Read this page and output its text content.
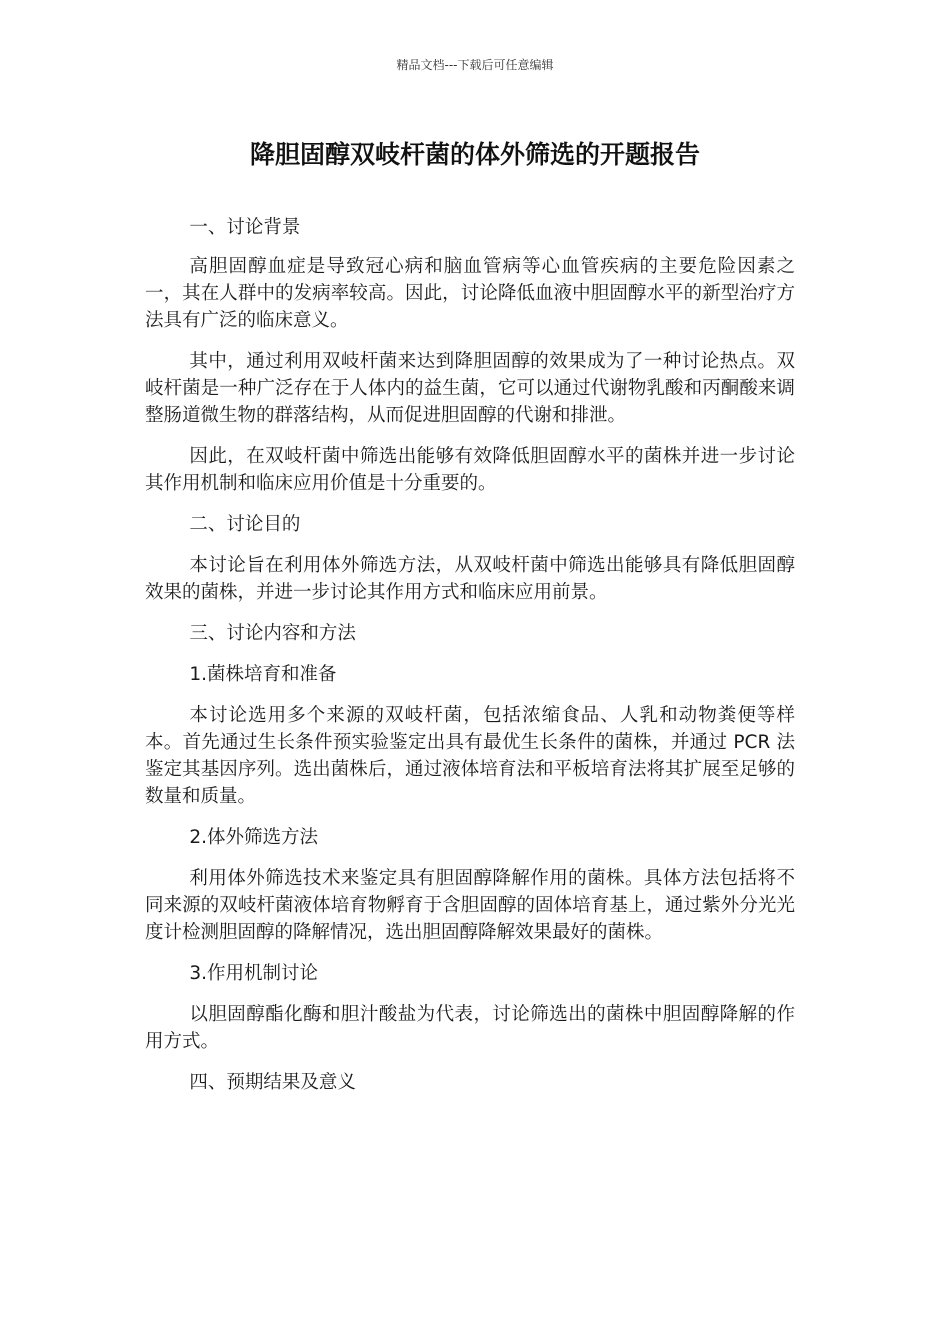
精品文档---下载后可任意编辑
降胆固醇双岐杆菌的体外筛选的开题报告

一、讨论背景

高胆固醇血症是导致冠心病和脑血管病等心血管疾病的主要危险因素之一，其在人群中的发病率较高。因此，讨论降低血液中胆固醇水平的新型治疗方法具有广泛的临床意义。

其中，通过利用双岐杆菌来达到降胆固醇的效果成为了一种讨论热点。双岐杆菌是一种广泛存在于人体内的益生菌，它可以通过代谢物乳酸和丙酮酸来调整肠道微生物的群落结构，从而促进胆固醇的代谢和排泄。

因此，在双岐杆菌中筛选出能够有效降低胆固醇水平的菌株并进一步讨论其作用机制和临床应用价值是十分重要的。

二、讨论目的

本讨论旨在利用体外筛选方法，从双岐杆菌中筛选出能够具有降低胆固醇效果的菌株，并进一步讨论其作用方式和临床应用前景。

三、讨论内容和方法

1.菌株培育和准备

本讨论选用多个来源的双岐杆菌，包括浓缩食品、人乳和动物粪便等样本。首先通过生长条件预实验鉴定出具有最优生长条件的菌株，并通过 PCR 法鉴定其基因序列。选出菌株后，通过液体培育法和平板培育法将其扩展至足够的数量和质量。

2.体外筛选方法

利用体外筛选技术来鉴定具有胆固醇降解作用的菌株。具体方法包括将不同来源的双岐杆菌液体培育物孵育于含胆固醇的固体培育基上，通过紫外分光光度计检测胆固醇的降解情况，选出胆固醇降解效果最好的菌株。

3.作用机制讨论

以胆固醇酯化酶和胆汁酸盐为代表，讨论筛选出的菌株中胆固醇降解的作用方式。

四、预期结果及意义
